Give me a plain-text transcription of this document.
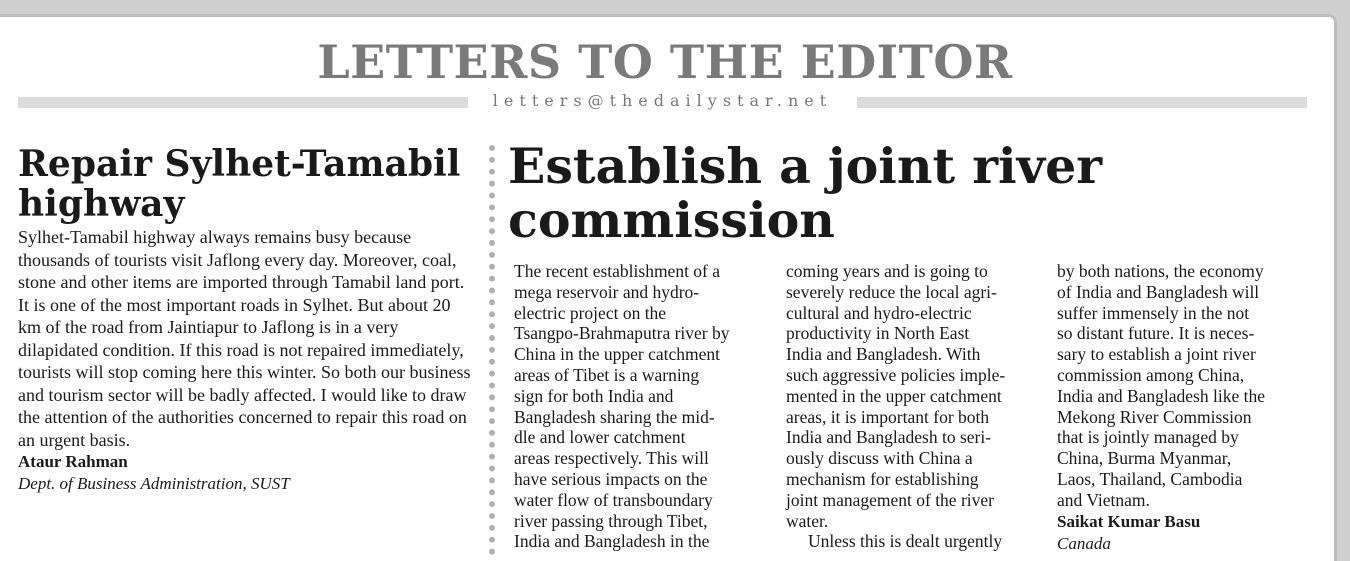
LETTERS TO THE EDITOR
letters@thedailystar.net
Repair Sylhet-Tamabil
highway

Sylhet-Tamabil highway always remains busy because thousands of tourists visit Jaflong every day. Moreover, coal, stone and other items are imported through Tamabil land port. It is one of the most important roads in Sylhet. But about 20 km of the road from Jaintiapur to Jaflong is in a very dilapidated condition. If this road is not repaired immediately, tourists will stop coming here this winter. So both our business and tourism sector will be badly affected. I would like to draw the attention of the authorities concerned to repair this road on an urgent basis.

Ataur Rahman
Dept. of Business Administration, SUST
Establish a joint river
commission
The recent establishment of a
mega reservoir and hydro-
electric project on the
Tsangpo-Brahmaputra river by
China in the upper catchment
areas of Tibet is a warning
sign for both India and
Bangladesh sharing the mid-
dle and lower catchment
areas respectively. This will
have serious impacts on the
water flow of transboundary
river passing through Tibet,
India and Bangladesh in the
coming years and is going to
severely reduce the local agri-
cultural and hydro-electric
productivity in North East
India and Bangladesh. With
such aggressive policies imple-
mented in the upper catchment
areas, it is important for both
India and Bangladesh to seri-
ously discuss with China a
mechanism for establishing
joint management of the river
water.
Unless this is dealt urgently
by both nations, the economy
of India and Bangladesh will
suffer immensely in the not
so distant future. It is neces-
sary to establish a joint river
commission among China,
India and Bangladesh like the
Mekong River Commission
that is jointly managed by
China, Burma Myanmar,
Laos, Thailand, Cambodia
and Vietnam.
Saikat Kumar Basu
Canada
